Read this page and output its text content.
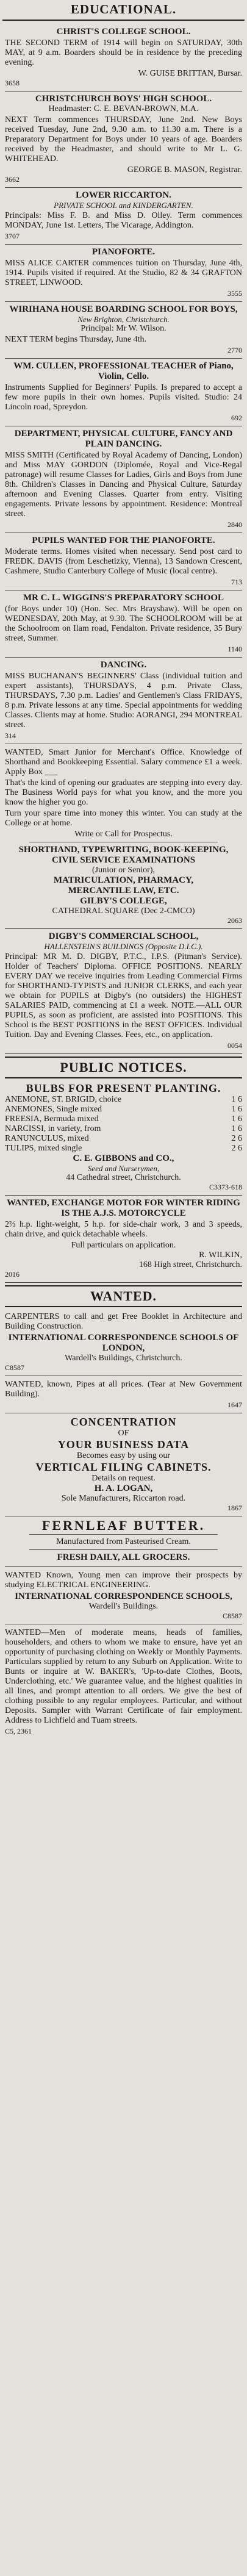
EDUCATIONAL.
CHRIST'S COLLEGE SCHOOL.
THE SECOND TERM of 1914 will begin on SATURDAY, 30th MAY, at 9 a.m. Boarders should be in residence by the preceding evening.
W. GUISE BRITTAN, Bursar.
3658
CHRISTCHURCH BOYS' HIGH SCHOOL.
Headmaster: C. E. BEVAN-BROWN, M.A.
NEXT Term commences THURSDAY, June 2nd. New Boys received Tuesday, June 2nd, 9.30 a.m. to 11.30 a.m. There is a Preparatory Department for Boys under 10 years of age. Boarders received by the Headmaster, and should write to Mr L. G. WHITEHEAD.
GEORGE B. MASON, Registrar.
3662
LOWER RICCARTON.
PRIVATE SCHOOL and KINDERGARTEN.
Principals: Miss F. B. and Miss D. Olley. Term commences MONDAY, June 1st. Letters, The Vicarage, Addington.
3707
PIANOFORTE.
MISS ALICE CARTER commences tuition on Thursday, June 4th, 1914. Pupils visited if required. At the Studio, 82 & 34 GRAFTON STREET, LINWOOD.
3555
WIRIHANA HOUSE BOARDING SCHOOL FOR BOYS,
New Brighton, Christchurch.
Principal: Mr W. Wilson.
NEXT TERM begins Thursday, June 4th.
2770
WM. CULLEN, PROFESSIONAL TEACHER of Piano, Violin, Cello.
Instruments Supplied for Beginners' Pupils. Is prepared to accept a few more pupils in their own homes. Pupils visited. Studio: 24 Lincoln road, Spreydon.
692
DEPARTMENT, PHYSICAL CULTURE, FANCY AND PLAIN DANCING.
MISS SMITH (Certificated by Royal Academy of Dancing, London) and Miss MAY GORDON (Diplomée, Royal and Vice-Regal patronage) will resume Classes for Ladies, Girls and Boys from June 8th. Children's Classes in Dancing and Physical Culture, Saturday afternoon and Evening Classes. Quarter from entry. Visiting engagements. Private lessons by appointment. Residence: Montreal street.
2840
PUPILS WANTED FOR THE PIANOFORTE.
Moderate terms. Homes visited when necessary. Send post card to FREDK. DAVIS (from Leschetizky, Vienna), 13 Sandown Crescent, Cashmere, Studio Canterbury College of Music (local centre).
713
MR C. L. WIGGINS'S PREPARATORY SCHOOL
(for Boys under 10) (Hon. Sec. Mrs Brayshaw). Will be open on WEDNESDAY, 20th May, at 9.30. The SCHOOLROOM will be at the Schoolroom on Ilam road, Fendalton. Private residence, 35 Bury street, Summer.
1140
DANCING.
MISS BUCHANAN'S BEGINNERS' Class (individual tuition and expert assistants), THURSDAYS, 4 p.m. Private Class, THURSDAYS, 7.30 p.m. Ladies' and Gentlemen's Class FRIDAYS, 8 p.m. Private lessons at any time. Special appointments for wedding Classes. Clients may at home. Studio: AORANGI, 294 MONTREAL street.
314
WANTED, Smart Junior for Merchant's Office. Knowledge of Shorthand and Bookkeeping Essential. Salary commence £1 a week. Apply Box ___
That's the kind of opening our graduates are stepping into every day. The Business World pays for what you know, and the more you know the higher you go.
Turn your spare time into money this winter. You can study at the College or at home.
Write or Call for Prospectus.
SHORTHAND, TYPEWRITING, BOOK-KEEPING,
CIVIL SERVICE EXAMINATIONS
(Junior or Senior),
MATRICULATION, PHARMACY,
MERCANTILE LAW, ETC.
GILBY'S COLLEGE,
CATHEDRAL SQUARE (Dec 2-CMCO)
2063
DIGBY'S COMMERCIAL SCHOOL,
HALLENSTEIN'S BUILDINGS (Opposite D.I.C.).
Principal: MR M. D. DIGBY, P.T.C., I.P.S. (Pitman's Service). Holder of Teachers' Diploma. OFFICE POSITIONS. NEARLY EVERY DAY we receive inquiries from Leading Commercial Firms for SHORTHAND-TYPISTS and JUNIOR CLERKS, and each year we obtain for PUPILS at Digby's (no outsiders) the HIGHEST SALARIES PAID, commencing at £1 a week. NOTE.—ALL OUR PUPILS, as soon as proficient, are assisted into POSITIONS. This School is the BEST POSITIONS in the BEST OFFICES. Individual Tuition. Day and Evening Classes. Fees, etc., on application.
0054
PUBLIC NOTICES.
BULBS FOR PRESENT PLANTING.
ANEMONE, ST. BRIGID, choice	1 6
ANEMONES, Single mixed	1 6
FREESIA, Bermuda mixed	1 6
NARCISSI, in variety, from	1 6
RANUNCULUS, mixed	2 6
TULIPS, mixed single	2 6
C. E. GIBBONS and CO.,
Seed and Nurserymen,
44 Cathedral street, Christchurch.
C3373-618
WANTED, EXCHANGE MOTOR FOR WINTER RIDING IS THE A.J.S. MOTORCYCLE
2⅔ h.p. light-weight, 5 h.p. for side-chair work, 3 and 3 speeds, chain drive, and quick detachable wheels.
Full particulars on application.
R. WILKIN,
168 High street, Christchurch.
2016
WANTED.
CARPENTERS to call and get Free Booklet in Architecture and Building Construction.
INTERNATIONAL CORRESPONDENCE SCHOOLS OF LONDON,
Wardell's Buildings, Christchurch.
C8587
WANTED, known, Pipes at all prices. (Tear at New Government Building).
1647
CONCENTRATION
OF
YOUR BUSINESS DATA
Becomes easy by using our
VERTICAL FILING CABINETS.
Details on request.
H. A. LOGAN,
Sole Manufacturers, Riccarton road.
1867
FERNLEAF BUTTER.
Manufactured from Pasteurised Cream.
FRESH DAILY, ALL GROCERS.
WANTED Known, Young men can improve their prospects by studying ELECTRICAL ENGINEERING.
INTERNATIONAL CORRESPONDENCE SCHOOLS,
Wardell's Buildings.
C8587
WANTED—Men of moderate means, heads of families, householders, and others to whom we make to ensure, have yet an opportunity of purchasing clothing on Weekly or Monthly Payments. Particulars supplied by return to any Suburb on Application. Write to Bunts or inquire at W. BAKER's, 'Up-to-date Clothes, Boots, Underclothing, etc.' We guarantee value, and the highest qualities in all lines, and prompt attention to all orders. We give the best of clothing possible to any regular employees. Particular, and without Deposits. Sampler with Warrant Certificate of fair employment. Address to Lichfield and Tuam streets.
C5, 2361
